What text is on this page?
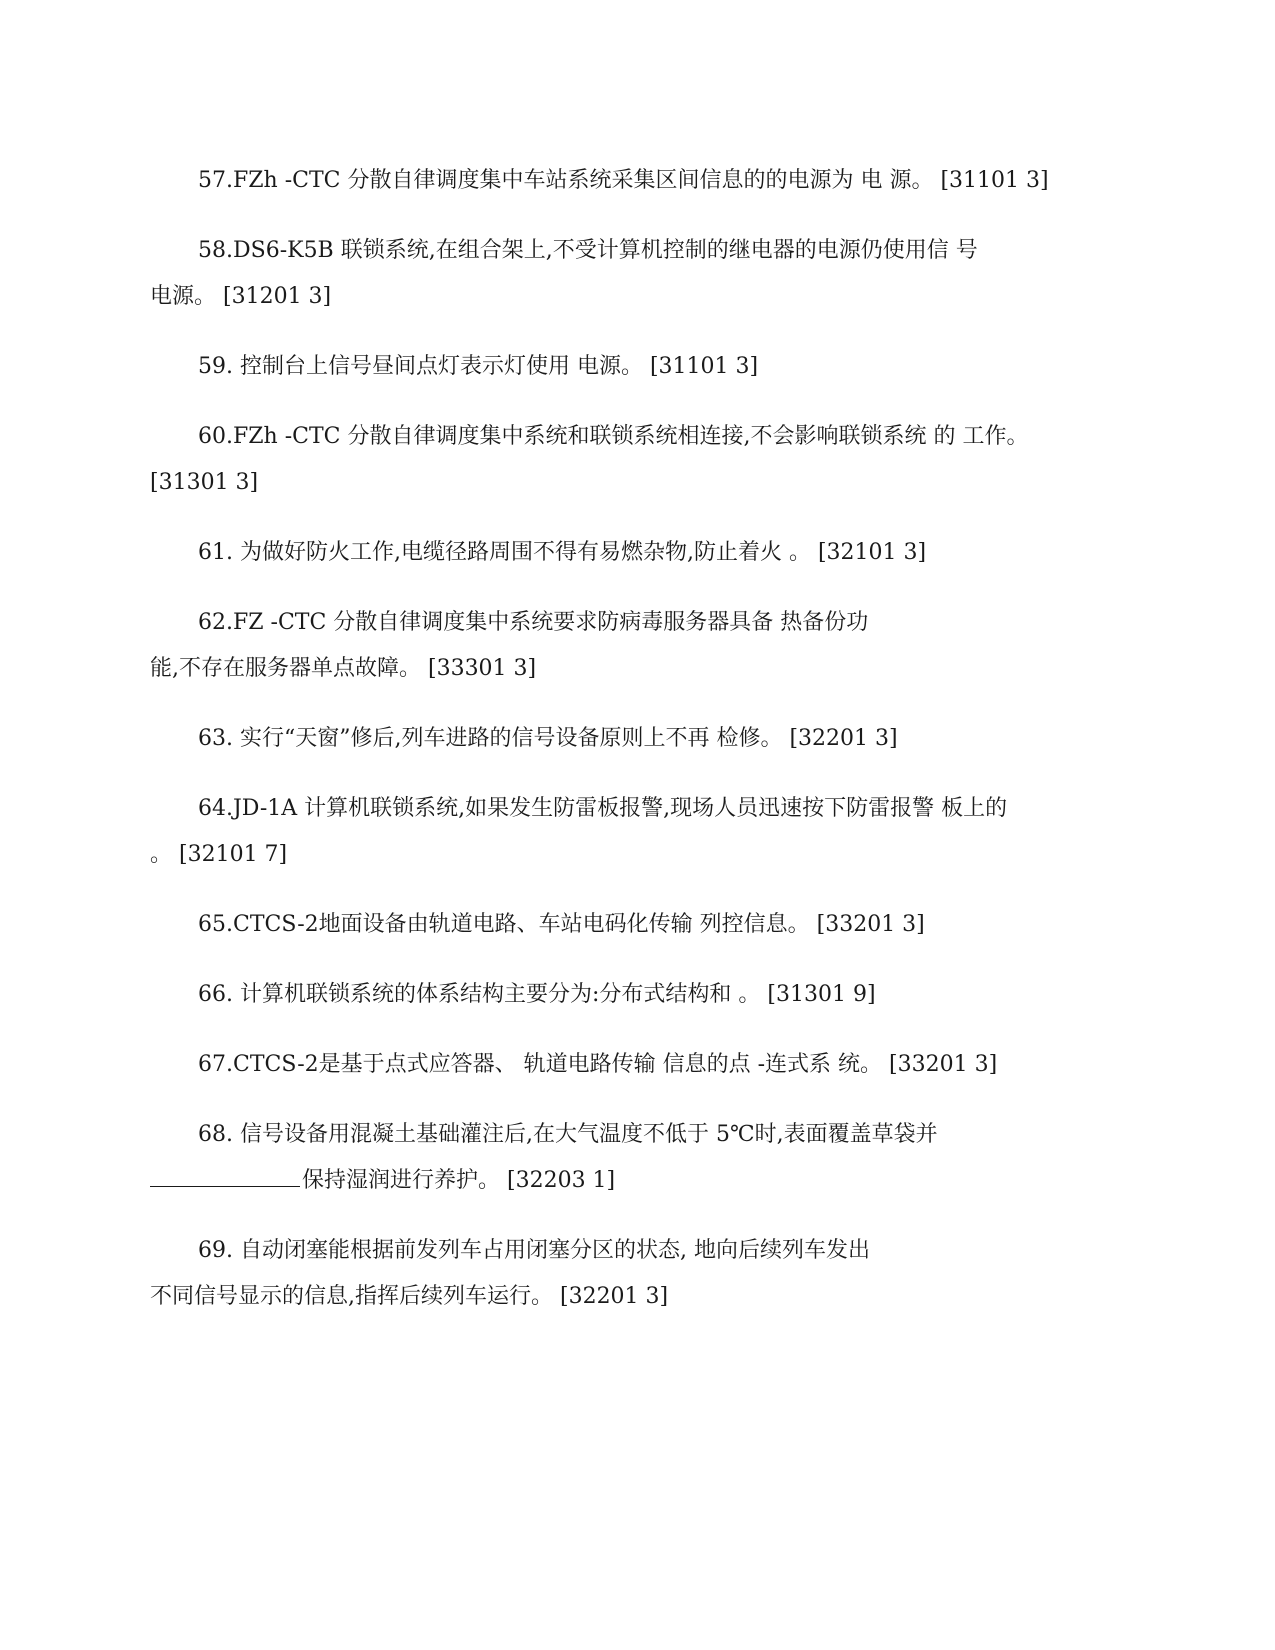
57.FZh -CTC 分散自律调度集中车站系统采集区间信息的的电源为 电 源。 [31101 3]

58.DS6-K5B 联锁系统,在组合架上,不受计算机控制的继电器的电源仍使用信 号
电源。 [31201 3]

59. 控制台上信号昼间点灯表示灯使用 电源。 [31101 3]

60.FZh -CTC 分散自律调度集中系统和联锁系统相连接,不会影响联锁系统 的 工作。
[31301 3]

61. 为做好防火工作,电缆径路周围不得有易燃杂物,防止着火 。 [32101 3]

62.FZ -CTC 分散自律调度集中系统要求防病毒服务器具备 热备份功
能,不存在服务器单点故障。 [33301 3]

63. 实行“天窗”修后,列车进路的信号设备原则上不再 检修。 [32201 3]

64.JD-1A 计算机联锁系统,如果发生防雷板报警,现场人员迅速按下防雷报警 板上的
。 [32101 7]

65.CTCS-2地面设备由轨道电路、车站电码化传输 列控信息。 [33201 3]

66. 计算机联锁系统的体系结构主要分为:分布式结构和 。 [31301 9]

67.CTCS-2是基于点式应答器、 轨道电路传输 信息的点 -连式系 统。 [33201 3]

68. 信号设备用混凝土基础灌注后,在大气温度不低于 5℃时,表面覆盖草袋并
保持湿润进行养护。 [32203 1]

69. 自动闭塞能根据前发列车占用闭塞分区的状态, 地向后续列车发出
不同信号显示的信息,指挥后续列车运行。 [32201 3]
